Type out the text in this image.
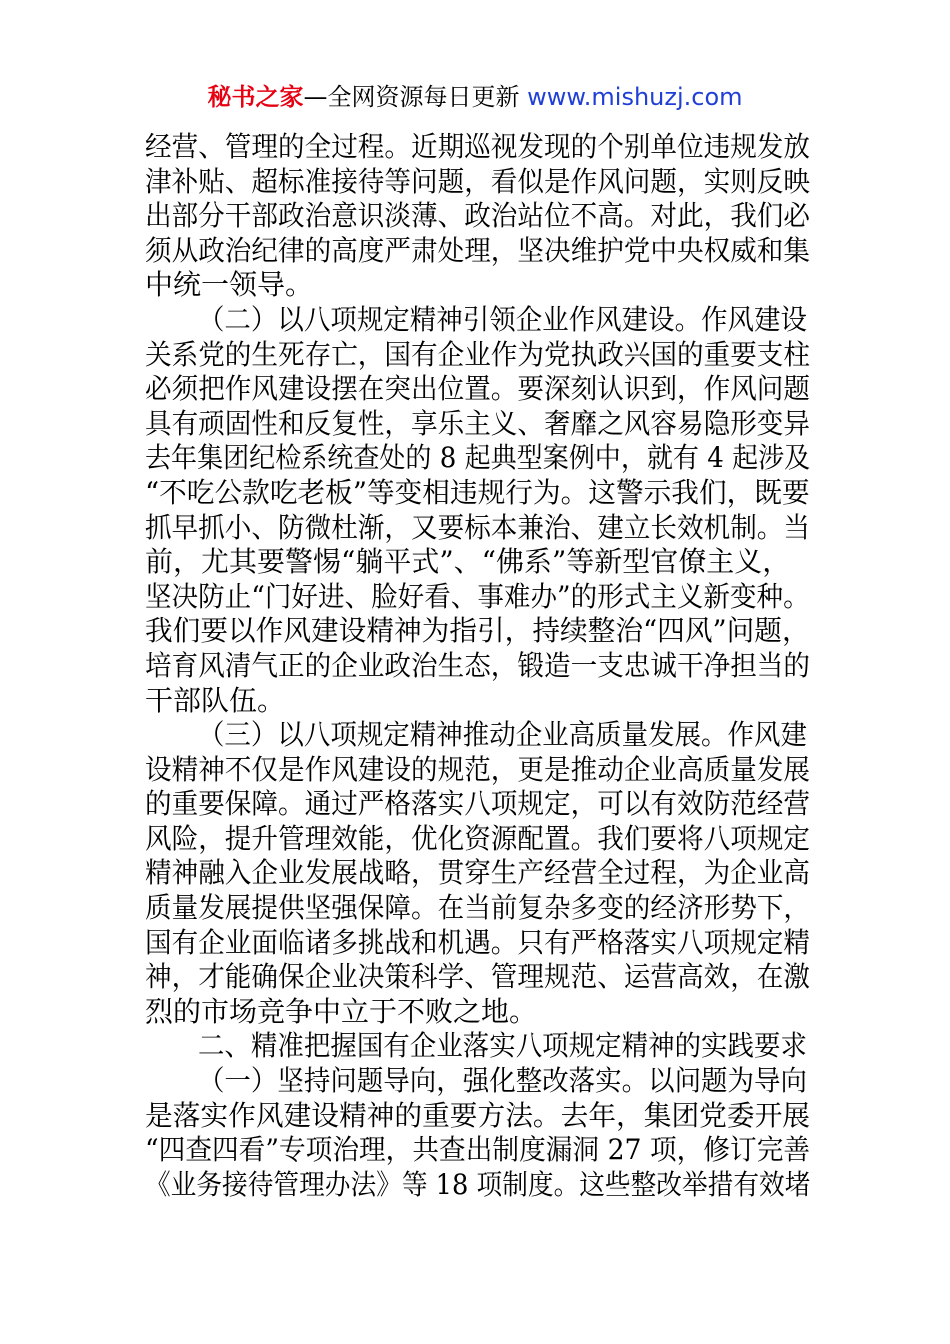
秘书之家—全网资源每日更新 www.mishuzj.com
经营、管理的全过程。近期巡视发现的个别单位违规发放
津补贴、超标准接待等问题，看似是作风问题，实则反映
出部分干部政治意识淡薄、政治站位不高。对此，我们必
须从政治纪律的高度严肃处理，坚决维护党中央权威和集
中统一领导。
（二）以八项规定精神引领企业作风建设。作风建设
关系党的生死存亡，国有企业作为党执政兴国的重要支柱
必须把作风建设摆在突出位置。要深刻认识到，作风问题
具有顽固性和反复性，享乐主义、奢靡之风容易隐形变异
去年集团纪检系统查处的 8 起典型案例中，就有 4 起涉及
“不吃公款吃老板”等变相违规行为。这警示我们，既要
抓早抓小、防微杜渐，又要标本兼治、建立长效机制。当
前，尤其要警惕“躺平式”、“佛系”等新型官僚主义，
坚决防止“门好进、脸好看、事难办”的形式主义新变种。
我们要以作风建设精神为指引，持续整治“四风”问题，
培育风清气正的企业政治生态，锻造一支忠诚干净担当的
干部队伍。
（三）以八项规定精神推动企业高质量发展。作风建
设精神不仅是作风建设的规范，更是推动企业高质量发展
的重要保障。通过严格落实八项规定，可以有效防范经营
风险，提升管理效能，优化资源配置。我们要将八项规定
精神融入企业发展战略，贯穿生产经营全过程，为企业高
质量发展提供坚强保障。在当前复杂多变的经济形势下，
国有企业面临诸多挑战和机遇。只有严格落实八项规定精
神，才能确保企业决策科学、管理规范、运营高效，在激
烈的市场竞争中立于不败之地。
二、精准把握国有企业落实八项规定精神的实践要求
（一）坚持问题导向，强化整改落实。以问题为导向
是落实作风建设精神的重要方法。去年，集团党委开展
“四查四看”专项治理，共查出制度漏洞 27 项，修订完善
《业务接待管理办法》等 18 项制度。这些整改举措有效堵
